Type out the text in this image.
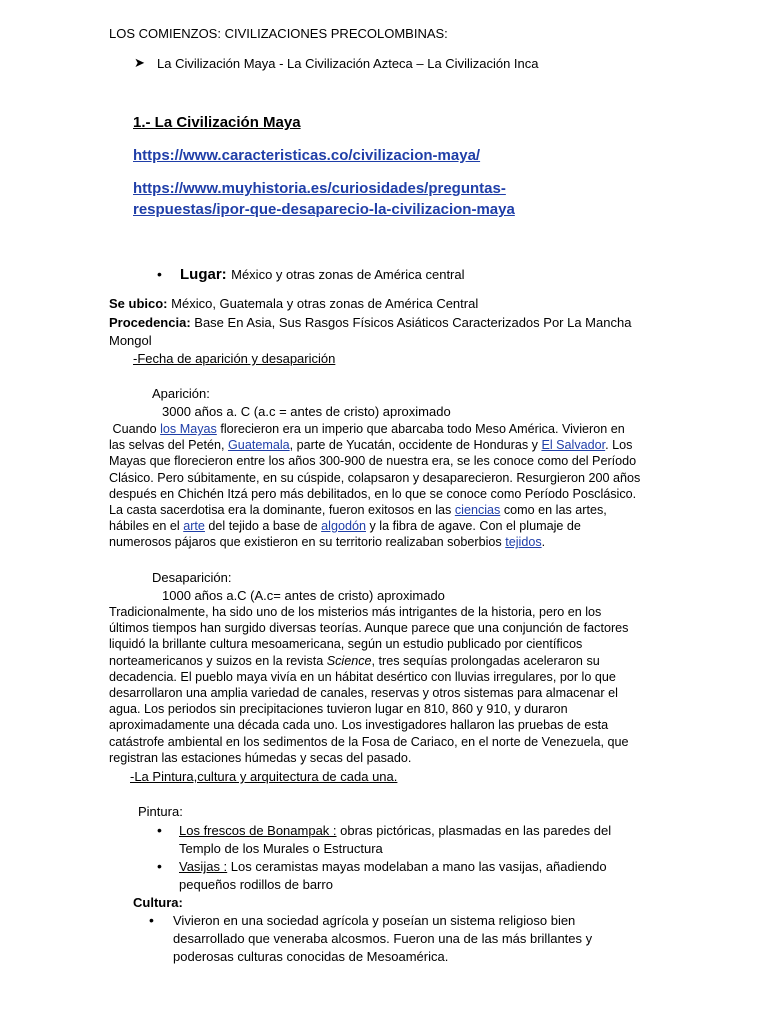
LOS COMIENZOS: CIVILIZACIONES PRECOLOMBINAS:
➤ La Civilización Maya - La Civilización Azteca – La Civilización Inca
1.- La Civilización Maya
https://www.caracteristicas.co/civilizacion-maya/
https://www.muyhistoria.es/curiosidades/preguntas-
respuestas/ipor-que-desaparecio-la-civilizacion-maya
• Lugar: México y otras zonas de América central
Se ubico: México, Guatemala y otras zonas de América Central
Procedencia: Base En Asia, Sus Rasgos Físicos Asiáticos Caracterizados Por La Mancha
Mongol
-Fecha de aparición y desaparición
Aparición:
3000 años a. C (a.c = antes de cristo) aproximado
Cuando los Mayas florecieron era un imperio que abarcaba todo Meso América. Vivieron en
las selvas del Petén, Guatemala, parte de Yucatán, occidente de Honduras y El Salvador. Los
Mayas que florecieron entre los años 300-900 de nuestra era, se les conoce como del Período
Clásico. Pero súbitamente, en su cúspide, colapsaron y desaparecieron. Resurgieron 200 años
después en Chichén Itzá pero más debilitados, en lo que se conoce como Período Posclásico.
La casta sacerdotisa era la dominante, fueron exitosos en las ciencias como en las artes,
hábiles en el arte del tejido a base de algodón y la fibra de agave. Con el plumaje de
numerosos pájaros que existieron en su territorio realizaban soberbios tejidos.
Desaparición:
1000 años a.C (A.c= antes de cristo) aproximado
Tradicionalmente, ha sido uno de los misterios más intrigantes de la historia, pero en los
últimos tiempos han surgido diversas teorías. Aunque parece que una conjunción de factores
liquidó la brillante cultura mesoamericana, según un estudio publicado por científicos
norteamericanos y suizos en la revista Science, tres sequías prolongadas aceleraron su
decadencia. El pueblo maya vivía en un hábitat desértico con lluvias irregulares, por lo que
desarrollaron una amplia variedad de canales, reservas y otros sistemas para almacenar el
agua. Los periodos sin precipitaciones tuvieron lugar en 810, 860 y 910, y duraron
aproximadamente una década cada uno. Los investigadores hallaron las pruebas de esta
catástrofe ambiental en los sedimentos de la Fosa de Cariaco, en el norte de Venezuela, que
registran las estaciones húmedas y secas del pasado.
-La Pintura,cultura y arquitectura de cada una.
Pintura:
• Los frescos de Bonampak : obras pictóricas, plasmadas en las paredes del
Templo de los Murales o Estructura
• Vasijas : Los ceramistas mayas modelaban a mano las vasijas, añadiendo
pequeños rodillos de barro
Cultura:
• Vivieron en una sociedad agrícola y poseían un sistema religioso bien
desarrollado que veneraba alcosmos. Fueron una de las más brillantes y
poderosas culturas conocidas de Mesoamérica.
